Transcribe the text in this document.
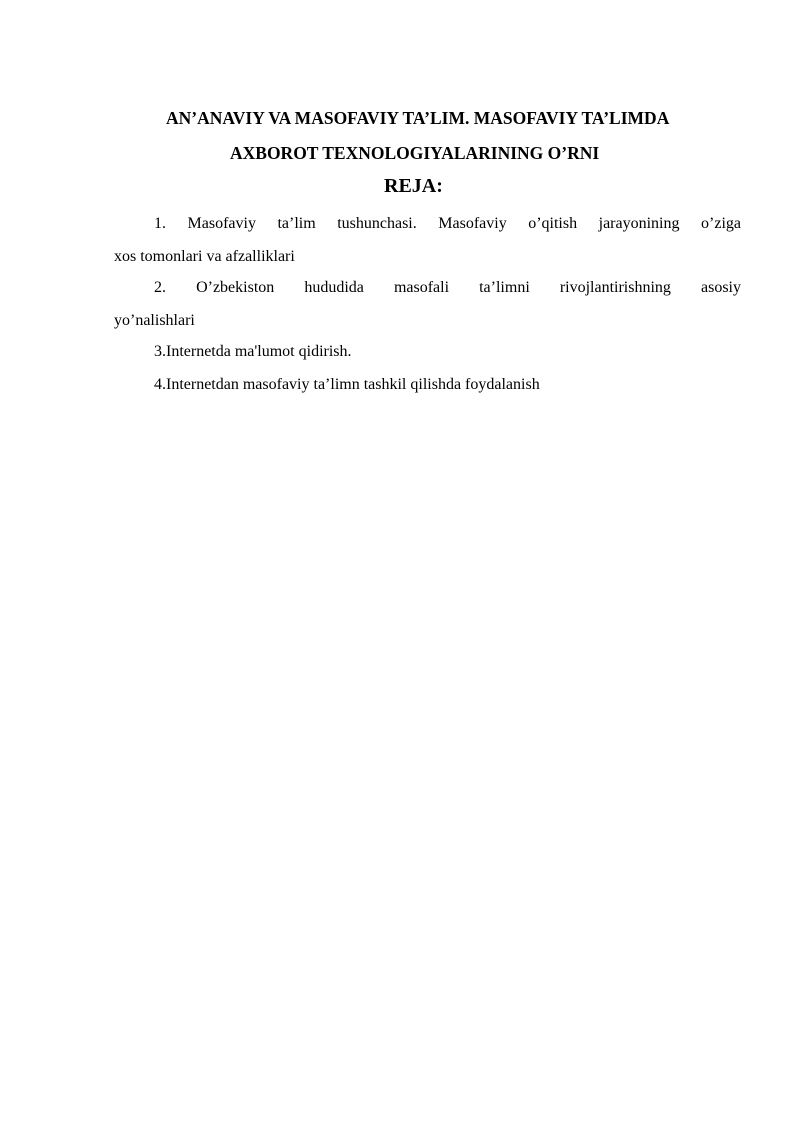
AN’ANAVIY VA MASOFAVIY TA’LIM. MASOFAVIY TA’LIMDA
AXBOROT TEXNOLOGIYALARINING O’RNI
REJA:
1. Masofaviy ta’lim tushunchasi. Masofaviy o’qitish jarayonining o’ziga
xos tomonlari va afzalliklari
2. O’zbekiston hududida masofali ta’limni rivojlantirishning asosiy
yo’nalishlari
3.Internetda ma'lumot qidirish.
4.Internetdan masofaviy ta’limn tashkil qilishda foydalanish
